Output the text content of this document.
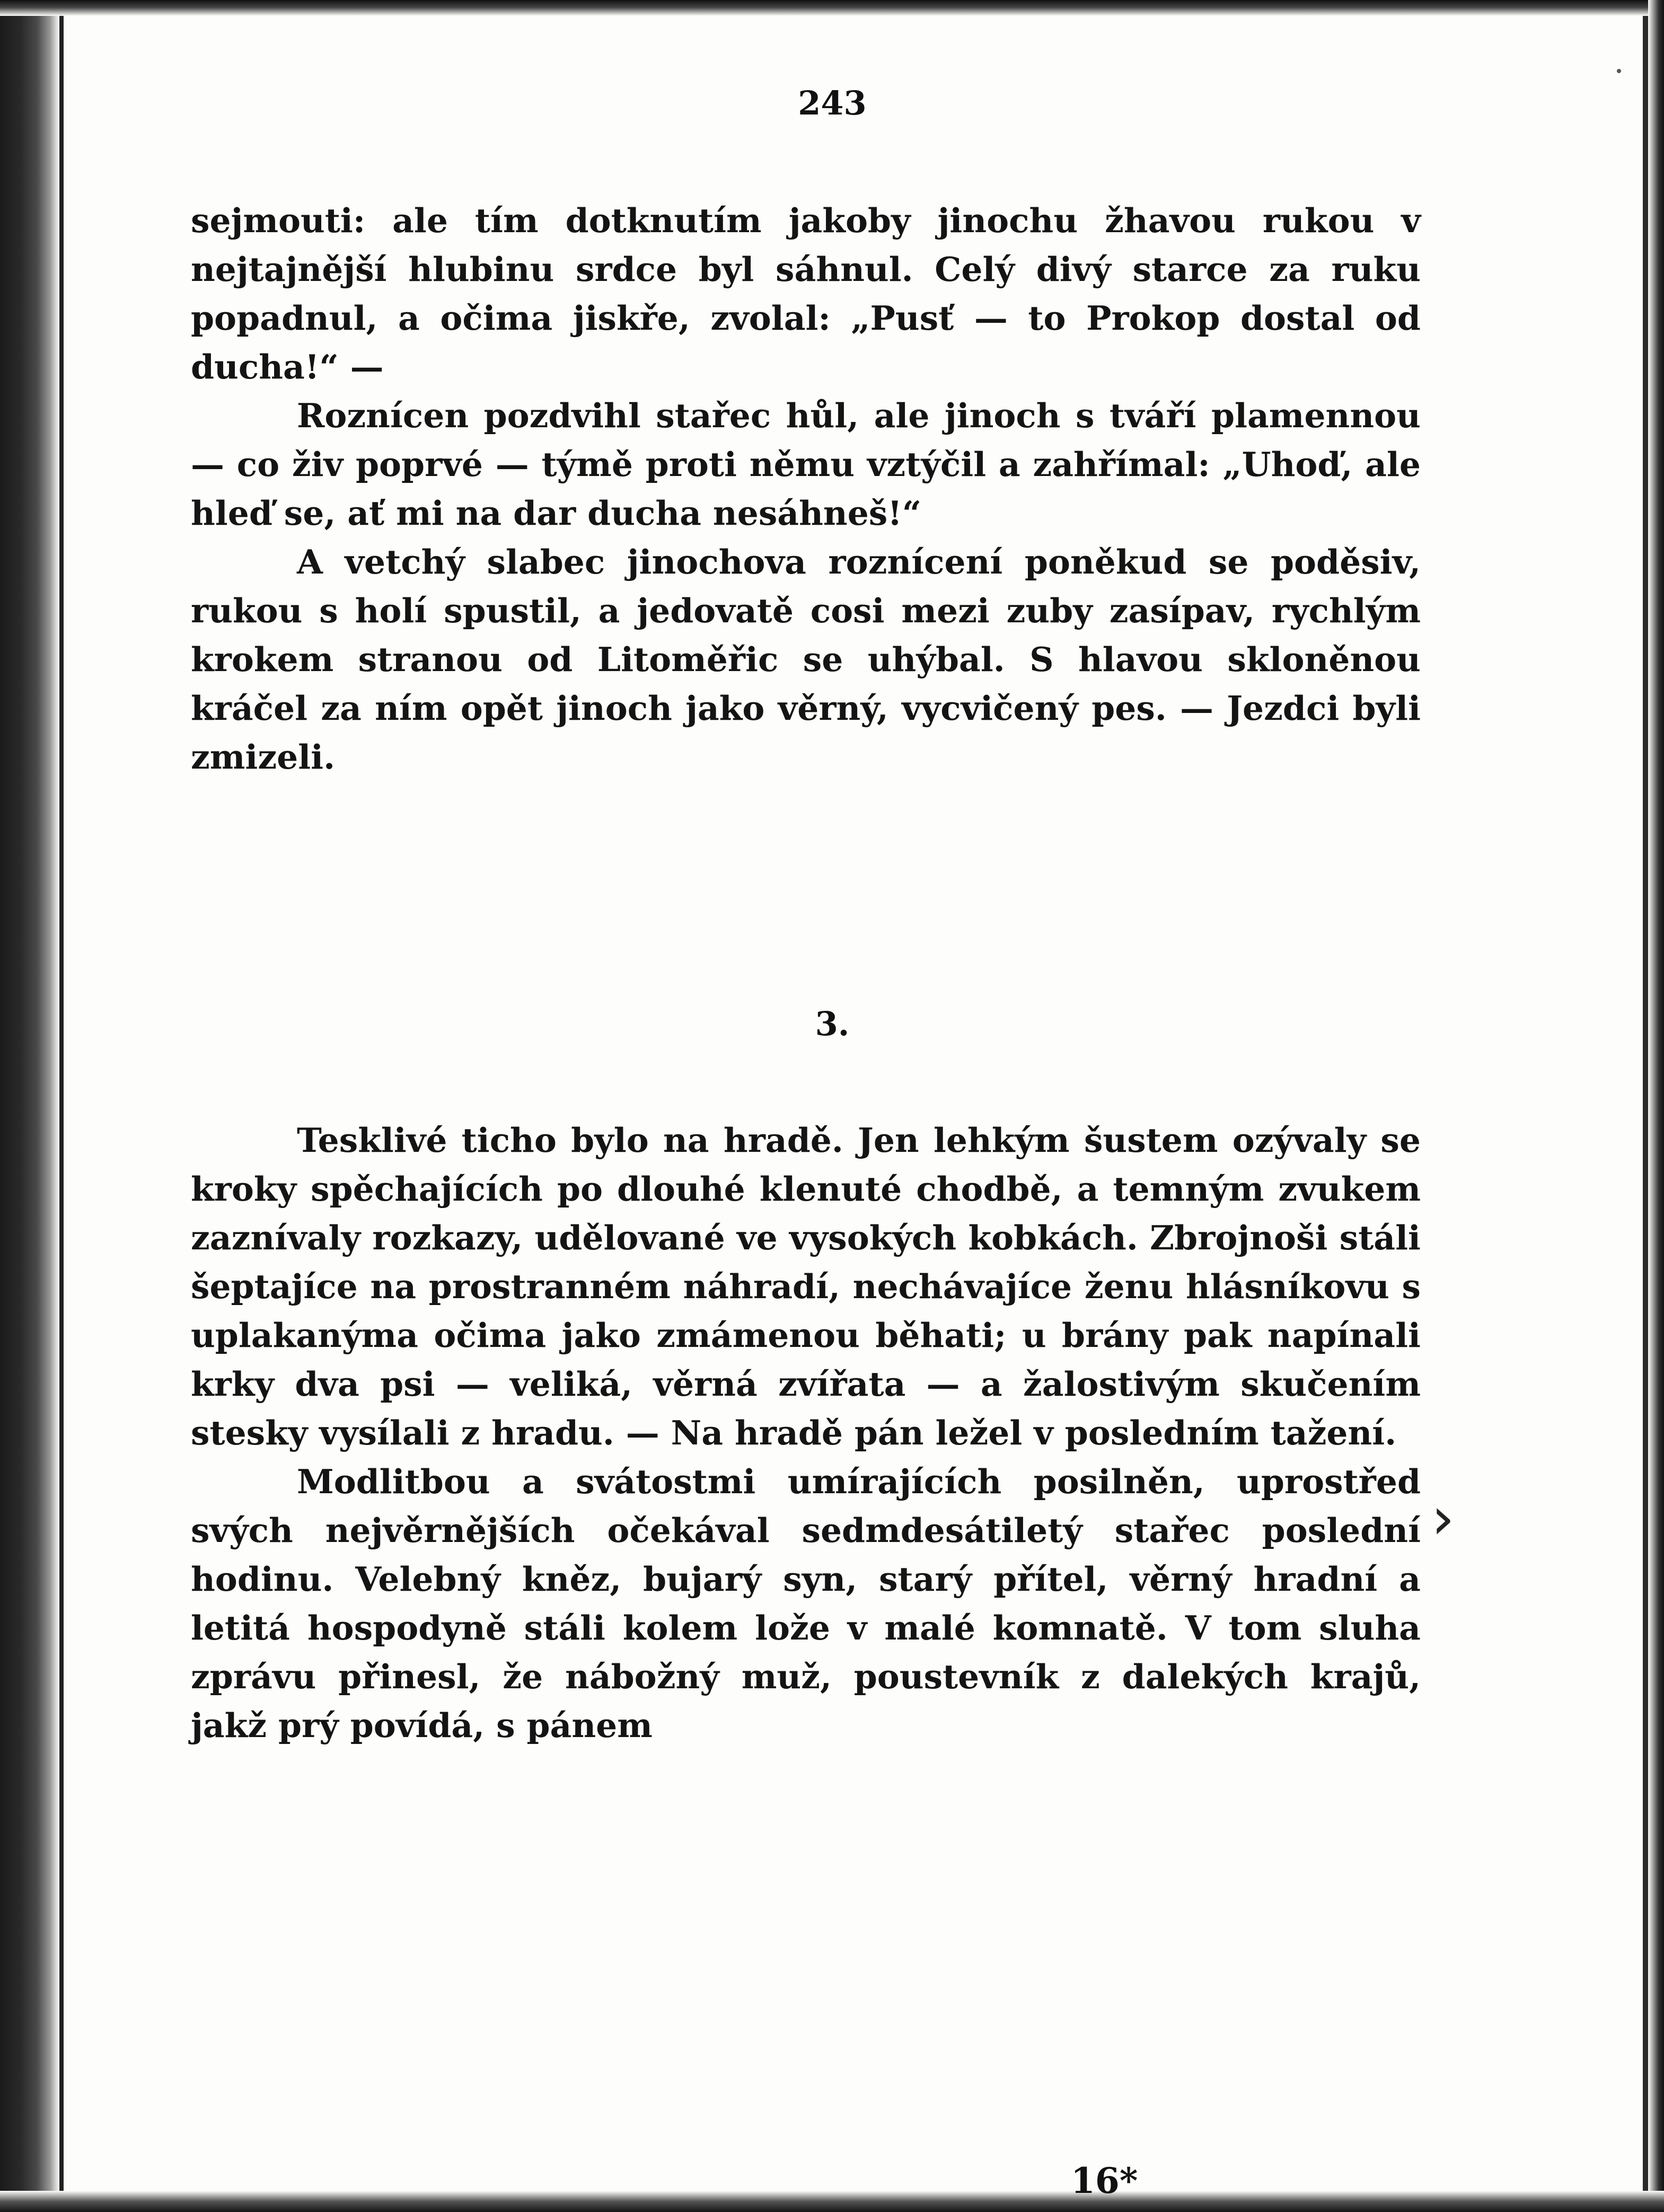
243

sejmouti: ale tím dotknutím jakoby jinochu žhavou rukou v nejtajnější hlubinu srdce byl sáhnul. Celý divý starce za ruku popadnul, a očima jiskře, zvolal: „Pusť — to Prokop dostal od ducha!“ —

Roznícen pozdvihl stařec hůl, ale jinoch s tváří plamennou — co živ poprvé — týmě proti němu vztýčil a zahřímal: „Uhoď, ale hleď se, ať mi na dar ducha nesáhneš!“

A vetchý slabec jinochova roznícení poněkud se poděsiv, rukou s holí spustil, a jedovatě cosi mezi zuby zasípav, rychlým krokem stranou od Litoměřic se uhýbal. S hlavou skloněnou kráčel za ním opět jinoch jako věrný, vycvičený pes. — Jezdci byli zmizeli.

3.

Tesklivé ticho bylo na hradě. Jen lehkým šustem ozývaly se kroky spěchajících po dlouhé klenuté chodbě, a temným zvukem zaznívaly rozkazy, udělované ve vysokých kobkách. Zbrojnoši stáli šeptajíce na prostranném náhradí, nechávajíce ženu hlásníkovu s uplakanýma očima jako zmámenou běhati; u brány pak napínali krky dva psi — veliká, věrná zvířata — a žalostivým skučením stesky vysílali z hradu. — Na hradě pán ležel v posledním tažení.

Modlitbou a svátostmi umírajících posilněn, uprostřed svých nejvěrnějších očekával sedmdesátiletý stařec poslední hodinu. Velebný kněz, bujarý syn, starý přítel, věrný hradní a letitá hospodyně stáli kolem lože v malé komnatě. V tom sluha zprávu přinesl, že nábožný muž, poustevník z dalekých krajů, jakž prý povídá, s pánem

›
16*
